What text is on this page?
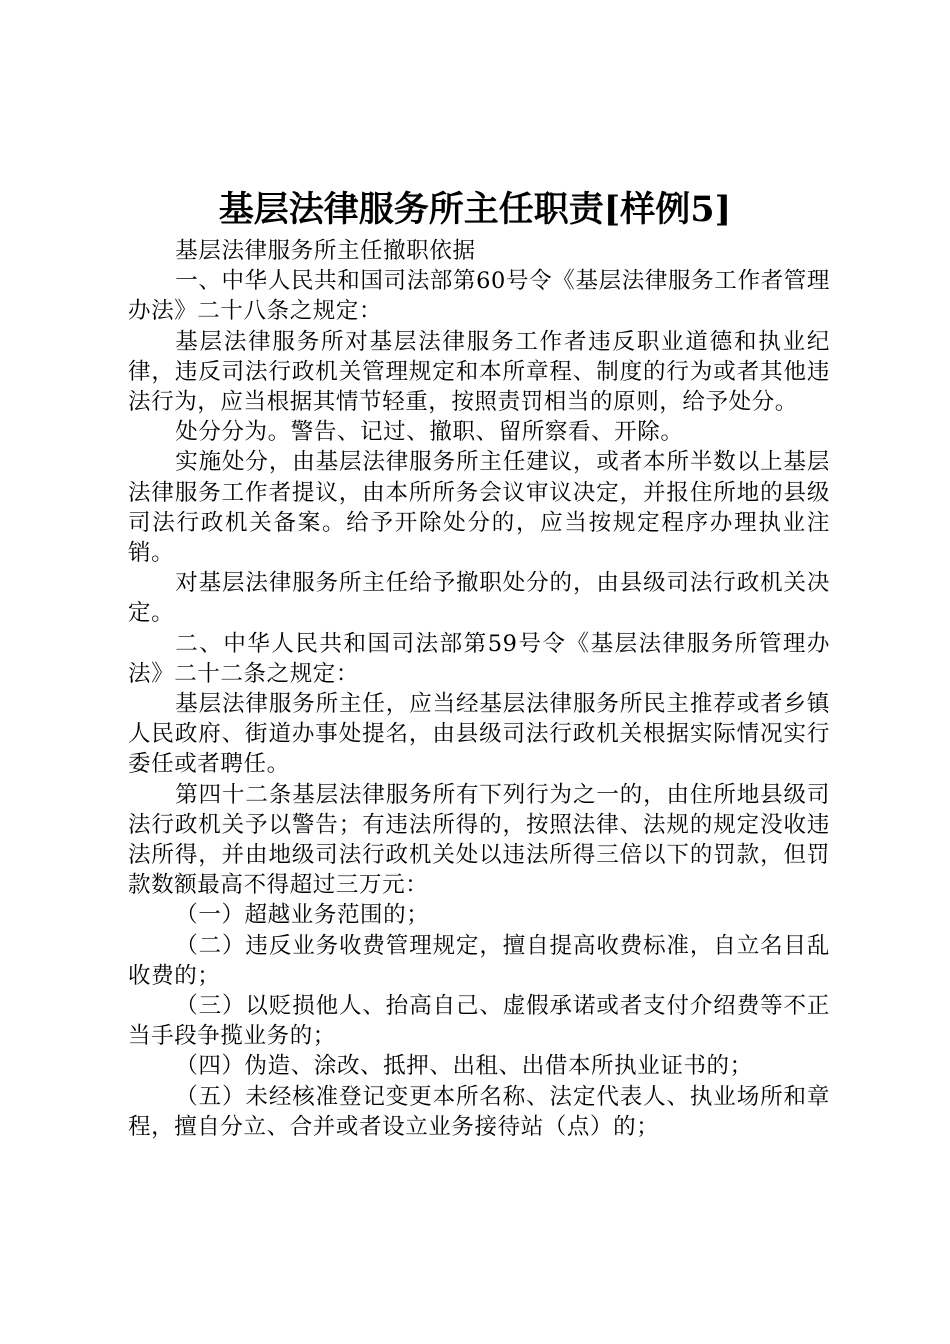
基层法律服务所主任职责[样例5]

基层法律服务所主任撤职依据

一、中华人民共和国司法部第60号令《基层法律服务工作者管理办法》二十八条之规定：

基层法律服务所对基层法律服务工作者违反职业道德和执业纪律，违反司法行政机关管理规定和本所章程、制度的行为或者其他违法行为，应当根据其情节轻重，按照责罚相当的原则，给予处分。

处分分为。警告、记过、撤职、留所察看、开除。

实施处分，由基层法律服务所主任建议，或者本所半数以上基层法律服务工作者提议，由本所所务会议审议决定，并报住所地的县级司法行政机关备案。给予开除处分的，应当按规定程序办理执业注销。

对基层法律服务所主任给予撤职处分的，由县级司法行政机关决定。

二、中华人民共和国司法部第59号令《基层法律服务所管理办法》二十二条之规定：

基层法律服务所主任，应当经基层法律服务所民主推荐或者乡镇人民政府、街道办事处提名，由县级司法行政机关根据实际情况实行委任或者聘任。

第四十二条基层法律服务所有下列行为之一的，由住所地县级司法行政机关予以警告；有违法所得的，按照法律、法规的规定没收违法所得，并由地级司法行政机关处以违法所得三倍以下的罚款，但罚款数额最高不得超过三万元：

（一）超越业务范围的；

（二）违反业务收费管理规定，擅自提高收费标准，自立名目乱收费的；

（三）以贬损他人、抬高自己、虚假承诺或者支付介绍费等不正当手段争揽业务的；

（四）伪造、涂改、抵押、出租、出借本所执业证书的；

（五）未经核准登记变更本所名称、法定代表人、执业场所和章程，擅自分立、合并或者设立业务接待站（点）的；
